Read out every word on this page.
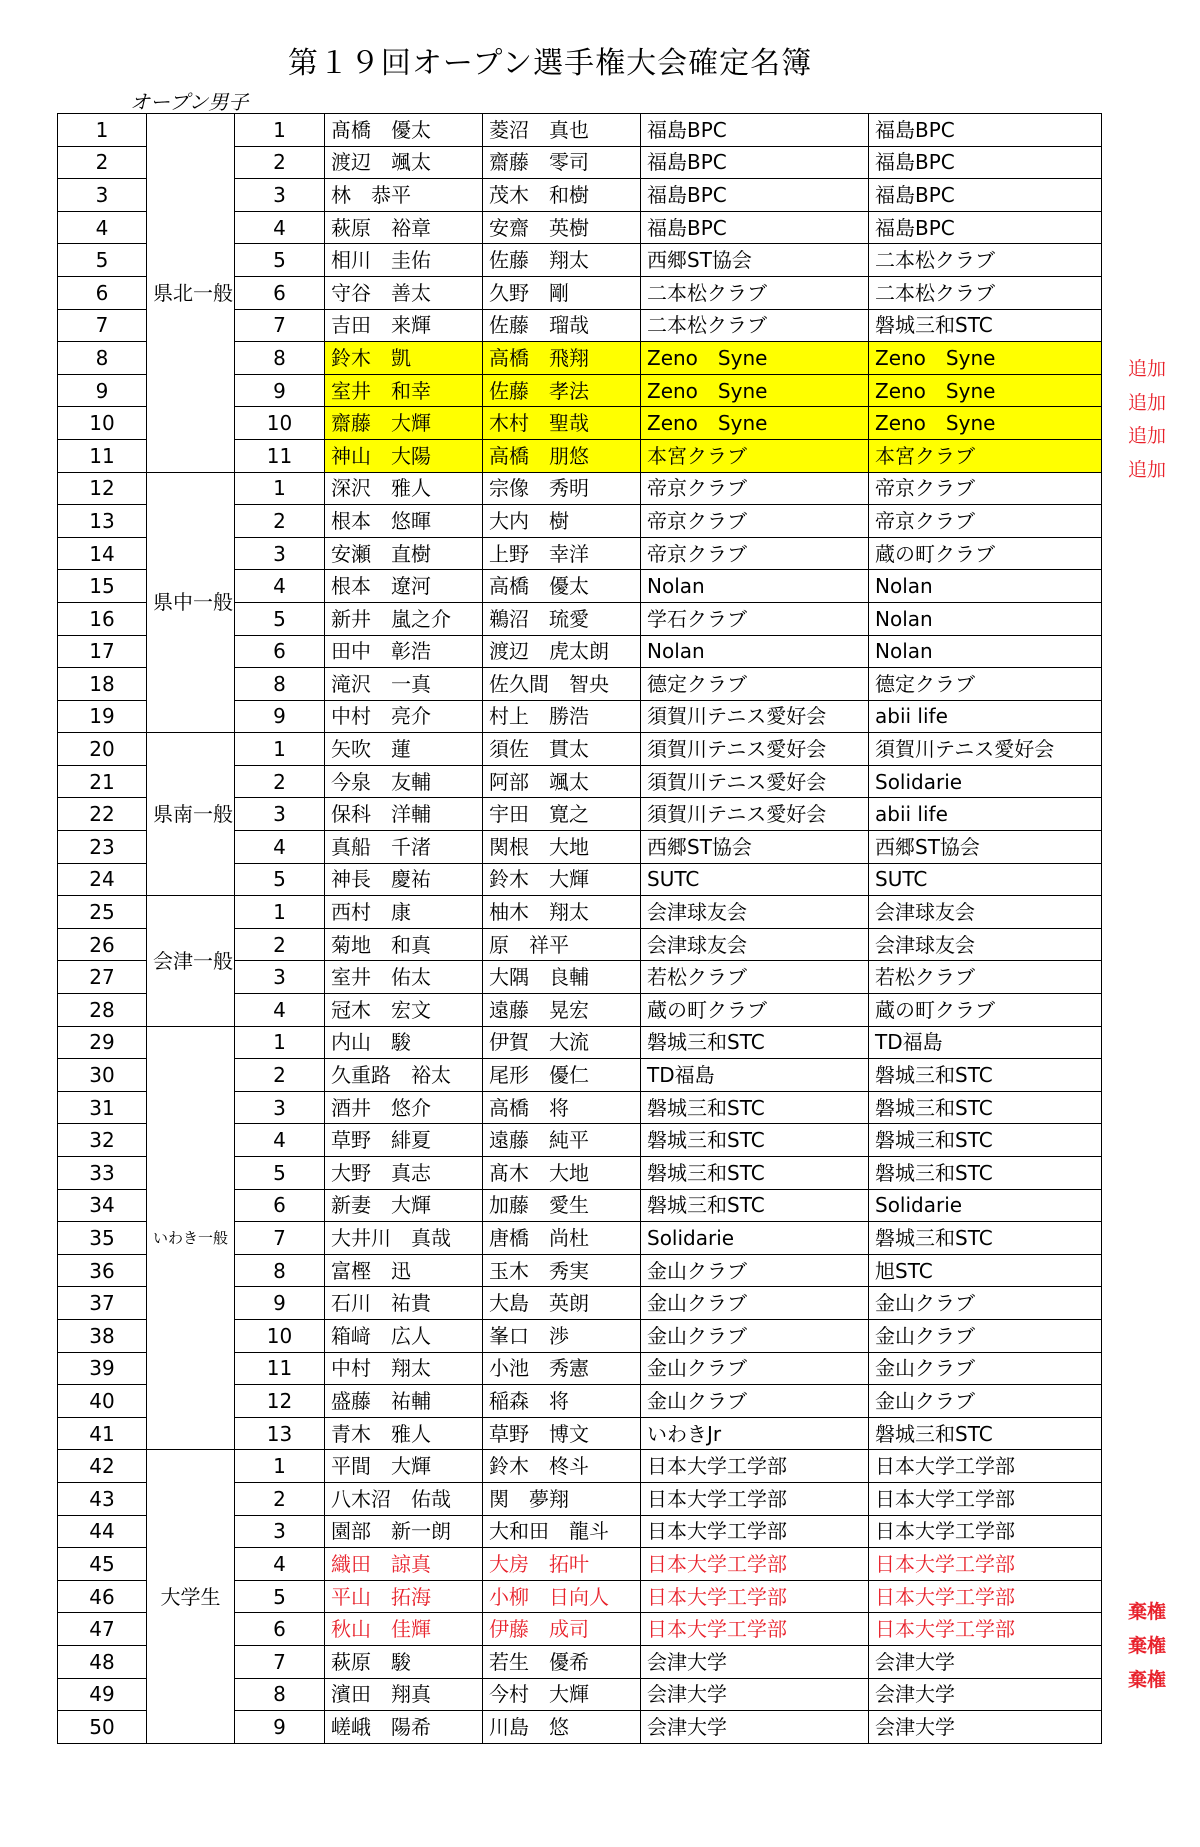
第１９回オープン選手権大会確定名簿
オープン男子
1	県北一般	1	髙橋　優太	菱沼　真也	福島BPC	福島BPC
2		2	渡辺　颯太	齋藤　零司	福島BPC	福島BPC
3		3	林　恭平	茂木　和樹	福島BPC	福島BPC
4		4	萩原　裕章	安齋　英樹	福島BPC	福島BPC
5		5	相川　圭佑	佐藤　翔太	西郷ST協会	二本松クラブ
6		6	守谷　善太	久野　剛	二本松クラブ	二本松クラブ
7		7	吉田　来輝	佐藤　瑠哉	二本松クラブ	磐城三和STC
8		8	鈴木　凱	高橋　飛翔	Zeno　Syne	Zeno　Syne
9		9	室井　和幸	佐藤　孝法	Zeno　Syne	Zeno　Syne
10		10	齋藤　大輝	木村　聖哉	Zeno　Syne	Zeno　Syne
11		11	神山　大陽	高橋　朋悠	本宮クラブ	本宮クラブ
12	県中一般	1	深沢　雅人	宗像　秀明	帝京クラブ	帝京クラブ
13		2	根本　悠暉	大内　樹	帝京クラブ	帝京クラブ
14		3	安瀬　直樹	上野　幸洋	帝京クラブ	蔵の町クラブ
15		4	根本　遼河	高橋　優太	Nolan	Nolan
16		5	新井　嵐之介	鵜沼　琉愛	学石クラブ	Nolan
17		6	田中　彰浩	渡辺　虎太朗	Nolan	Nolan
18		8	滝沢　一真	佐久間　智央	德定クラブ	德定クラブ
19		9	中村　亮介	村上　勝浩	須賀川テニス愛好会	abii life
20	県南一般	1	矢吹　蓮	須佐　貫太	須賀川テニス愛好会	須賀川テニス愛好会
21		2	今泉　友輔	阿部　颯太	須賀川テニス愛好会	Solidarie
22		3	保科　洋輔	宇田　寛之	須賀川テニス愛好会	abii life
23		4	真船　千渚	関根　大地	西郷ST協会	西郷ST協会
24		5	神長　慶祐	鈴木　大輝	SUTC	SUTC
25	会津一般	1	西村　康	柚木　翔太	会津球友会	会津球友会
26		2	菊地　和真	原　祥平	会津球友会	会津球友会
27		3	室井　佑太	大隅　良輔	若松クラブ	若松クラブ
28		4	冠木　宏文	遠藤　晃宏	蔵の町クラブ	蔵の町クラブ
29	いわき一般	1	内山　駿	伊賀　大流	磐城三和STC	TD福島
30		2	久重路　裕太	尾形　優仁	TD福島	磐城三和STC
31		3	酒井　悠介	高橋　将	磐城三和STC	磐城三和STC
32		4	草野　緋夏	遠藤　純平	磐城三和STC	磐城三和STC
33		5	大野　真志	髙木　大地	磐城三和STC	磐城三和STC
34		6	新妻　大輝	加藤　愛生	磐城三和STC	Solidarie
35		7	大井川　真哉	唐橋　尚杜	Solidarie	磐城三和STC
36		8	富樫　迅	玉木　秀実	金山クラブ	旭STC
37		9	石川　祐貴	大島　英朗	金山クラブ	金山クラブ
38		10	箱﨑　広人	峯口　渉	金山クラブ	金山クラブ
39		11	中村　翔太	小池　秀憲	金山クラブ	金山クラブ
40		12	盛藤　祐輔	稲森　将	金山クラブ	金山クラブ
41		13	青木　雅人	草野　博文	いわきJr	磐城三和STC
42	大学生	1	平間　大輝	鈴木　柊斗	日本大学工学部	日本大学工学部
43		2	八木沼　佑哉	関　夢翔	日本大学工学部	日本大学工学部
44		3	園部　新一朗	大和田　龍斗	日本大学工学部	日本大学工学部
45		4	織田　諒真	大房　拓叶	日本大学工学部	日本大学工学部
46		5	平山　拓海	小柳　日向人	日本大学工学部	日本大学工学部
47		6	秋山　佳輝	伊藤　成司	日本大学工学部	日本大学工学部
48		7	萩原　駿	若生　優希	会津大学	会津大学
49		8	濱田　翔真	今村　大輝	会津大学	会津大学
50		9	嵯峨　陽希	川島　悠	会津大学	会津大学
追加
追加
追加
追加
棄権
棄権
棄権
